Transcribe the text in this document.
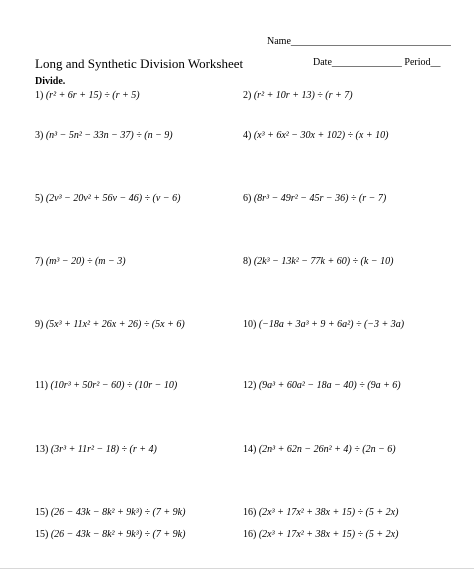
Name________________________________
Long and Synthetic Division Worksheet	Date______________ Period__
Divide.
1) (r² + 6r + 15) ÷ (r + 5)	2) (r² + 10r + 13) ÷ (r + 7)
3) (n³ − 5n² − 33n − 37) ÷ (n − 9)	4) (x³ + 6x² − 30x + 102) ÷ (x + 10)
5) (2v³ − 20v² + 56v − 46) ÷ (v − 6)	6) (8r³ − 49r² − 45r − 36) ÷ (r − 7)
7) (m³ − 20) ÷ (m − 3)	8) (2k³ − 13k² − 77k + 60) ÷ (k − 10)
9) (5x³ + 11x² + 26x + 26) ÷ (5x + 6)	10) (−18a + 3a³ + 9 + 6a²) ÷ (−3 + 3a)
11) (10r³ + 50r² − 60) ÷ (10r − 10)	12) (9a³ + 60a² − 18a − 40) ÷ (9a + 6)
13) (3r³ + 11r² − 18) ÷ (r + 4)	14) (2n³ + 62n − 26n² + 4) ÷ (2n − 6)
15) (26 − 43k − 8k² + 9k³) ÷ (7 + 9k)	16) (2x³ + 17x² + 38x + 15) ÷ (5 + 2x)
15) (26 − 43k − 8k² + 9k³) ÷ (7 + 9k)	16) (2x³ + 17x² + 38x + 15) ÷ (5 + 2x)
